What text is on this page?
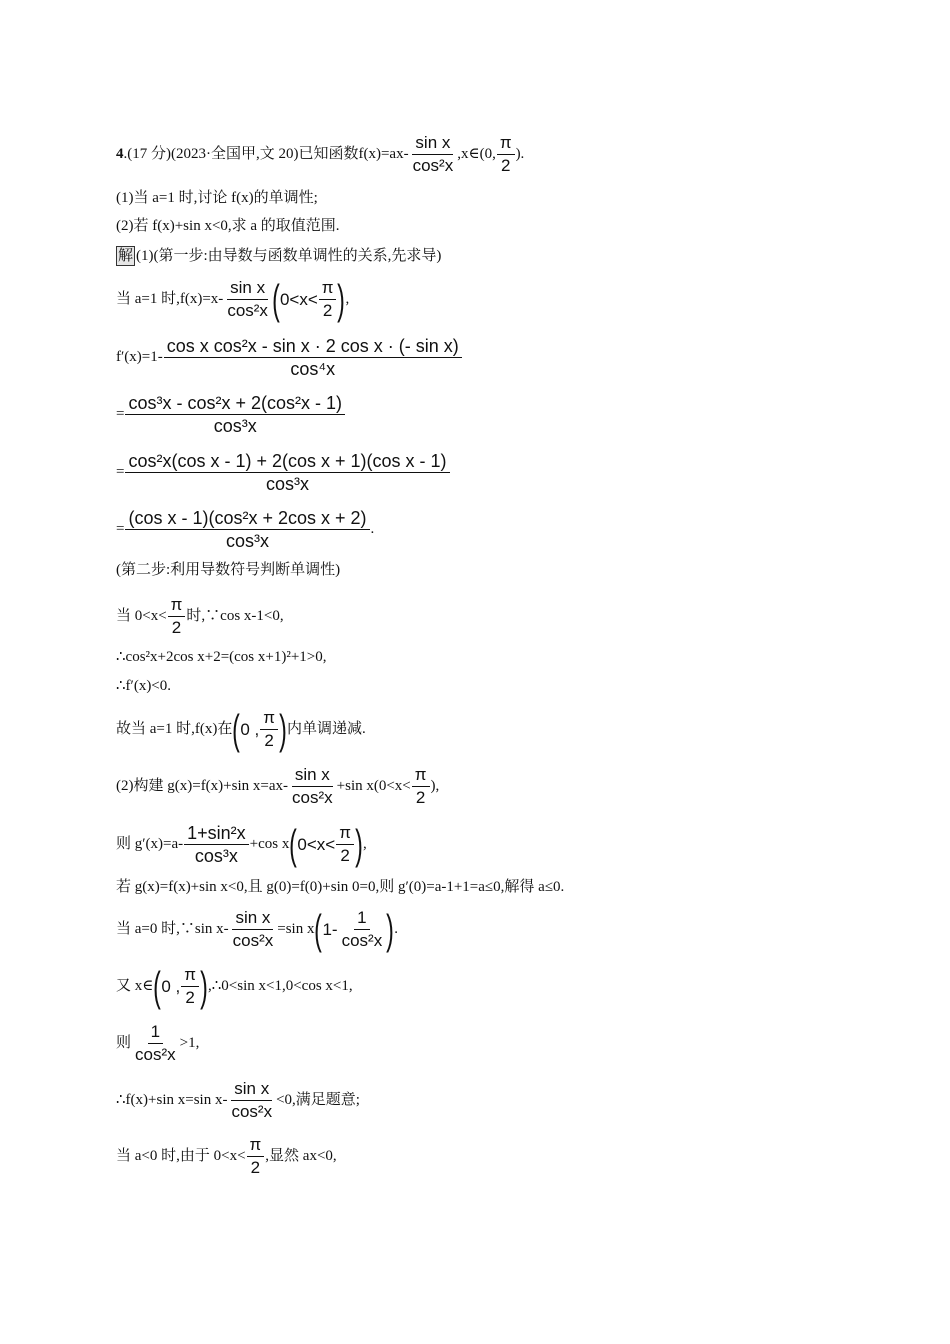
4 .(17 分)(2023·全国甲,文 20)已知函数 $f(x)=ax- \frac{\text{sin x}}{\text{cos²x}}$ ,x∈(0, $\frac{\pi}{2}$ ).
(1)当 a=1 时,讨论 f(x)的单调性;
(2)若 f(x)+sin x<0,求 a 的取值范围.
解 (1)(第一步:由导数与函数单调性的关系,先求导)
当 a=1 时$,f(x)=x- \frac{\text{sin x}}{\text{cos²x}}$ ( $0<x< \frac{\pi}{2}$ ) ,
$f'(x)=1- \frac{\text{cos x cos²x - sin x · 2 cos x · (- sin x)}}{\text{cos⁴x}}$
= $\frac{\text{cos³x - cos²x + 2(cos²x - 1)}}{\text{cos³x}}$
= $\frac{\text{cos²x(cos x - 1) + 2(cos x + 1)(cos x - 1)}}{\text{cos³x}}$
= $\frac{\text{(cos x - 1)(cos²x + 2cos x + 2)}}{\text{cos³x}}$ .
(第二步:利用导数符号判断单调性)
当 $0<x< \frac{\pi}{2}$ 时,∵cos x-1<0,
∴cos²x+2cos x+2=(cos x+1)²+1>0,
∴f′(x)<0.
故当 a=1 时,f(x)在 ( 0 , $\frac{\pi}{2}$ ) 内单调递减.
(2)构建 g(x)=f(x)+sin $x=ax- \frac{\text{sin x}}{\text{cos²x}} +\sin$ $x(0<x< \frac{\pi}{2}$ ),
则 $g'(x)=a- \frac{\text{1+sin²x}}{\text{cos³x}} +\cos$ x ( $0<x< \frac{\pi}{2}$ ) ,
若 g(x)=f(x)+sin x<0,且 g(0)=f(0)+sin 0=0,则 g′(0)=a-1+1=a≤0,解得 a≤0.
当 a=0 时,∵sin $x- \frac{\text{sin x}}{\text{cos²x}} =\sin$ x ( $1- \frac{1}{\text{cos²x}}$ ) .
又 x∈ ( 0 , $\frac{\pi}{2}$ ) ,∴0<sin x<1,0<cos x<1,
则 $\frac{1}{\text{cos²x}} >1$,
∴f(x)+sin x=sin $x- \frac{\text{sin x}}{\text{cos²x}} <0$,满足题意;
当 a<0 时,由于 $0<x< \frac{\pi}{2}$ ,显然 ax<0,
